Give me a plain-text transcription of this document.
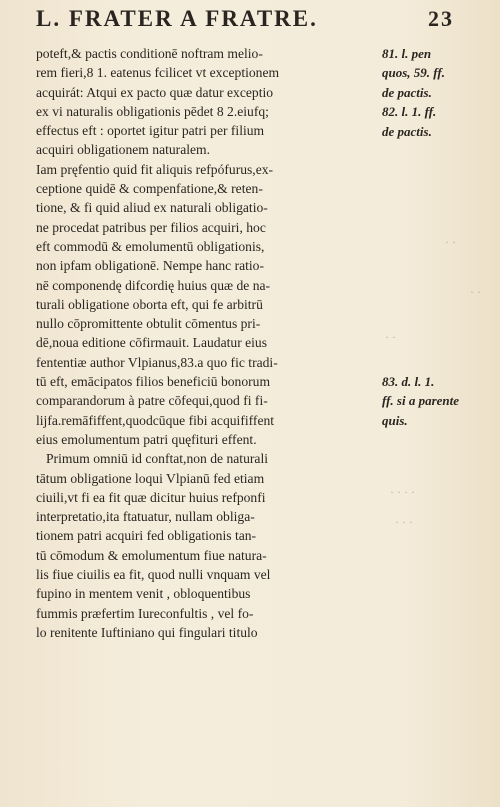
L. FRATER A FRATRE.	23
poteft,& pactis conditionē noftram melio-
rem fieri,8 1. eatenus fcilicet vt exceptionem
acquirát: Atqui ex pacto quæ datur exceptio
ex vi naturalis obligationis pēdet 8 2.eiufq;
effectus eft : oportet igitur patri per filium
acquiri obligationem naturalem.
Iam pręfentio quid fit aliquis refpófurus,ex-
ceptione quidē & compenfatione,& reten-
tione, & fi quid aliud ex naturali obligatio-
ne procedat patribus per filios acquiri, hoc
eft commodū & emolumentū obligationis,
non ipfam obligationē. Nempe hanc ratio-
nē componendę difcordię huius quæ de na-
turali obligatione oborta eft, qui fe arbitrū
nullo cōpromittente obtulit cōmentus pri-
dē,noua editione cōfirmauit. Laudatur eius
fententiæ author Vlpianus,83.a quo fic tradi-
tū eft, emācipatos filios beneficiū bonorum
comparandorum à patre cōfequi,quod fi fi-
lijfa.remāfiffent,quodcūque fibi acquififfent
eius emolumentum patri quęfituri effent.
Primum omniū id conftat,non de naturali
tātum obligatione loqui Vlpianū fed etiam
ciuili,vt fi ea fit quæ dicitur huius refponfi
interpretatio,ita ftatuatur, nullam obliga-
tionem patri acquiri fed obligationis tan-
tū cōmodum & emolumentum fiue natura-
lis fiue ciuilis ea fit, quod nulli vnquam vel
fupino in mentem venit , obloquentibus
fummis præfertim Iureconfultis , vel fo-
lo renitente Iuftiniano qui fingulari titulo
81. l. pen
quos, 59. ff.
de pactis.
82. l. 1. ff.
de pactis.
83. d. l. 1.
ff. si a parente
quis.
· ·
· ·
· ·
· · · ·
· · ·
